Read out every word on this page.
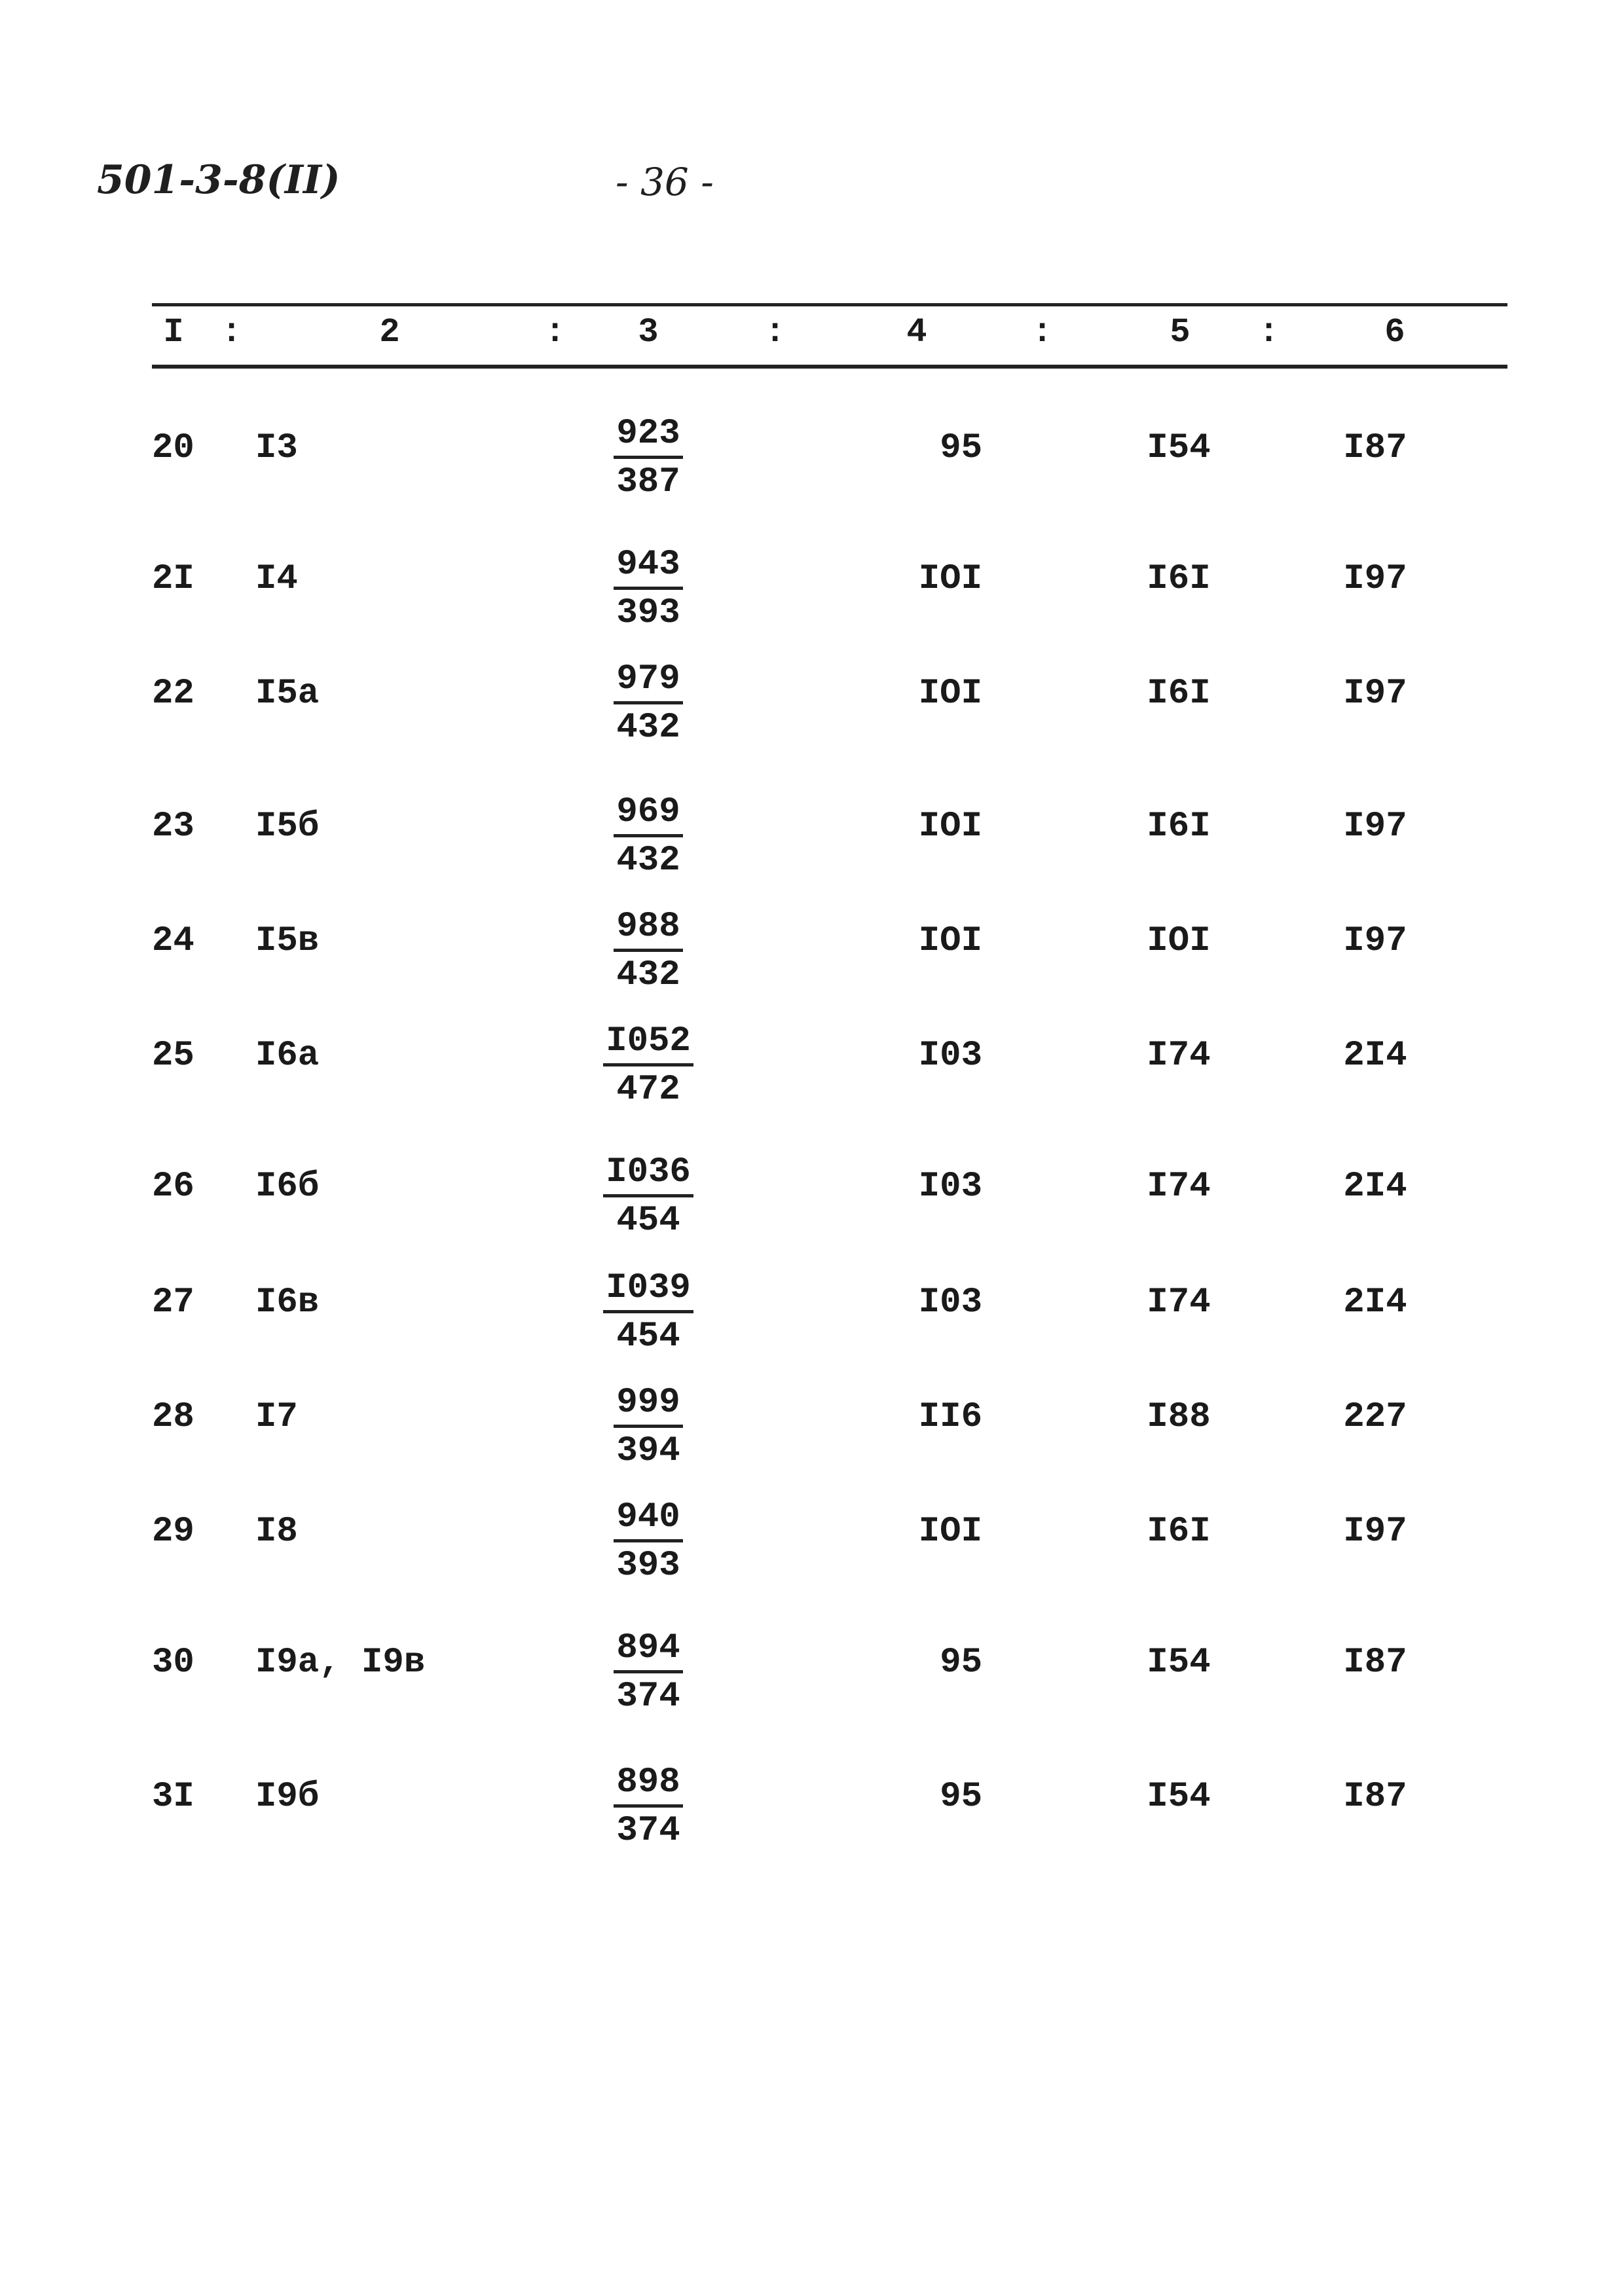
501-3-8(II)	- 36 -
I	:	2	:	3	:	4	:	5	:	6
20 I3	$\frac{923}{387}$	95	I54	I87
2I I4	$\frac{943}{393}$	IOI	I6I	I97
22 I5a	$\frac{979}{432}$	IOI	I6I	I97
23 I5б	$\frac{969}{432}$	IOI	I6I	I97
24 I5в	$\frac{988}{432}$	IOI	IOI	I97
25 I6a	$\frac{I052}{472}$	I03	I74	2I4
26 I6б	$\frac{I036}{454}$	I03	I74	2I4
27 I6в	$\frac{I039}{454}$	I03	I74	2I4
28 I7	$\frac{999}{394}$	II6	I88	227
29 I8	$\frac{940}{393}$	IOI	I6I	I97
30 I9a, I9в	$\frac{894}{374}$	95	I54	I87
3I I9б	$\frac{898}{374}$	95	I54	I87
